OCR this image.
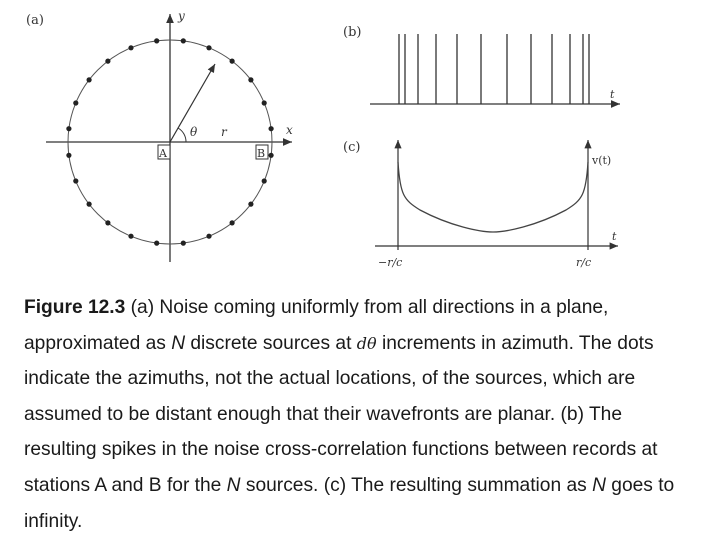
(a)	y
x
θ r
A	B
(b)
t
(c)
t
v(t)
−r/c	r/c

Figure 12.3 (a) Noise coming uniformly from all directions in a plane, approximated as N discrete sources at dθ increments in azimuth. The dots indicate the azimuths, not the actual locations, of the sources, which are assumed to be distant enough that their wavefronts are planar. (b) The resulting spikes in the noise cross-correlation functions between records at stations A and B for the N sources. (c) The resulting summation as N goes to infinity.
